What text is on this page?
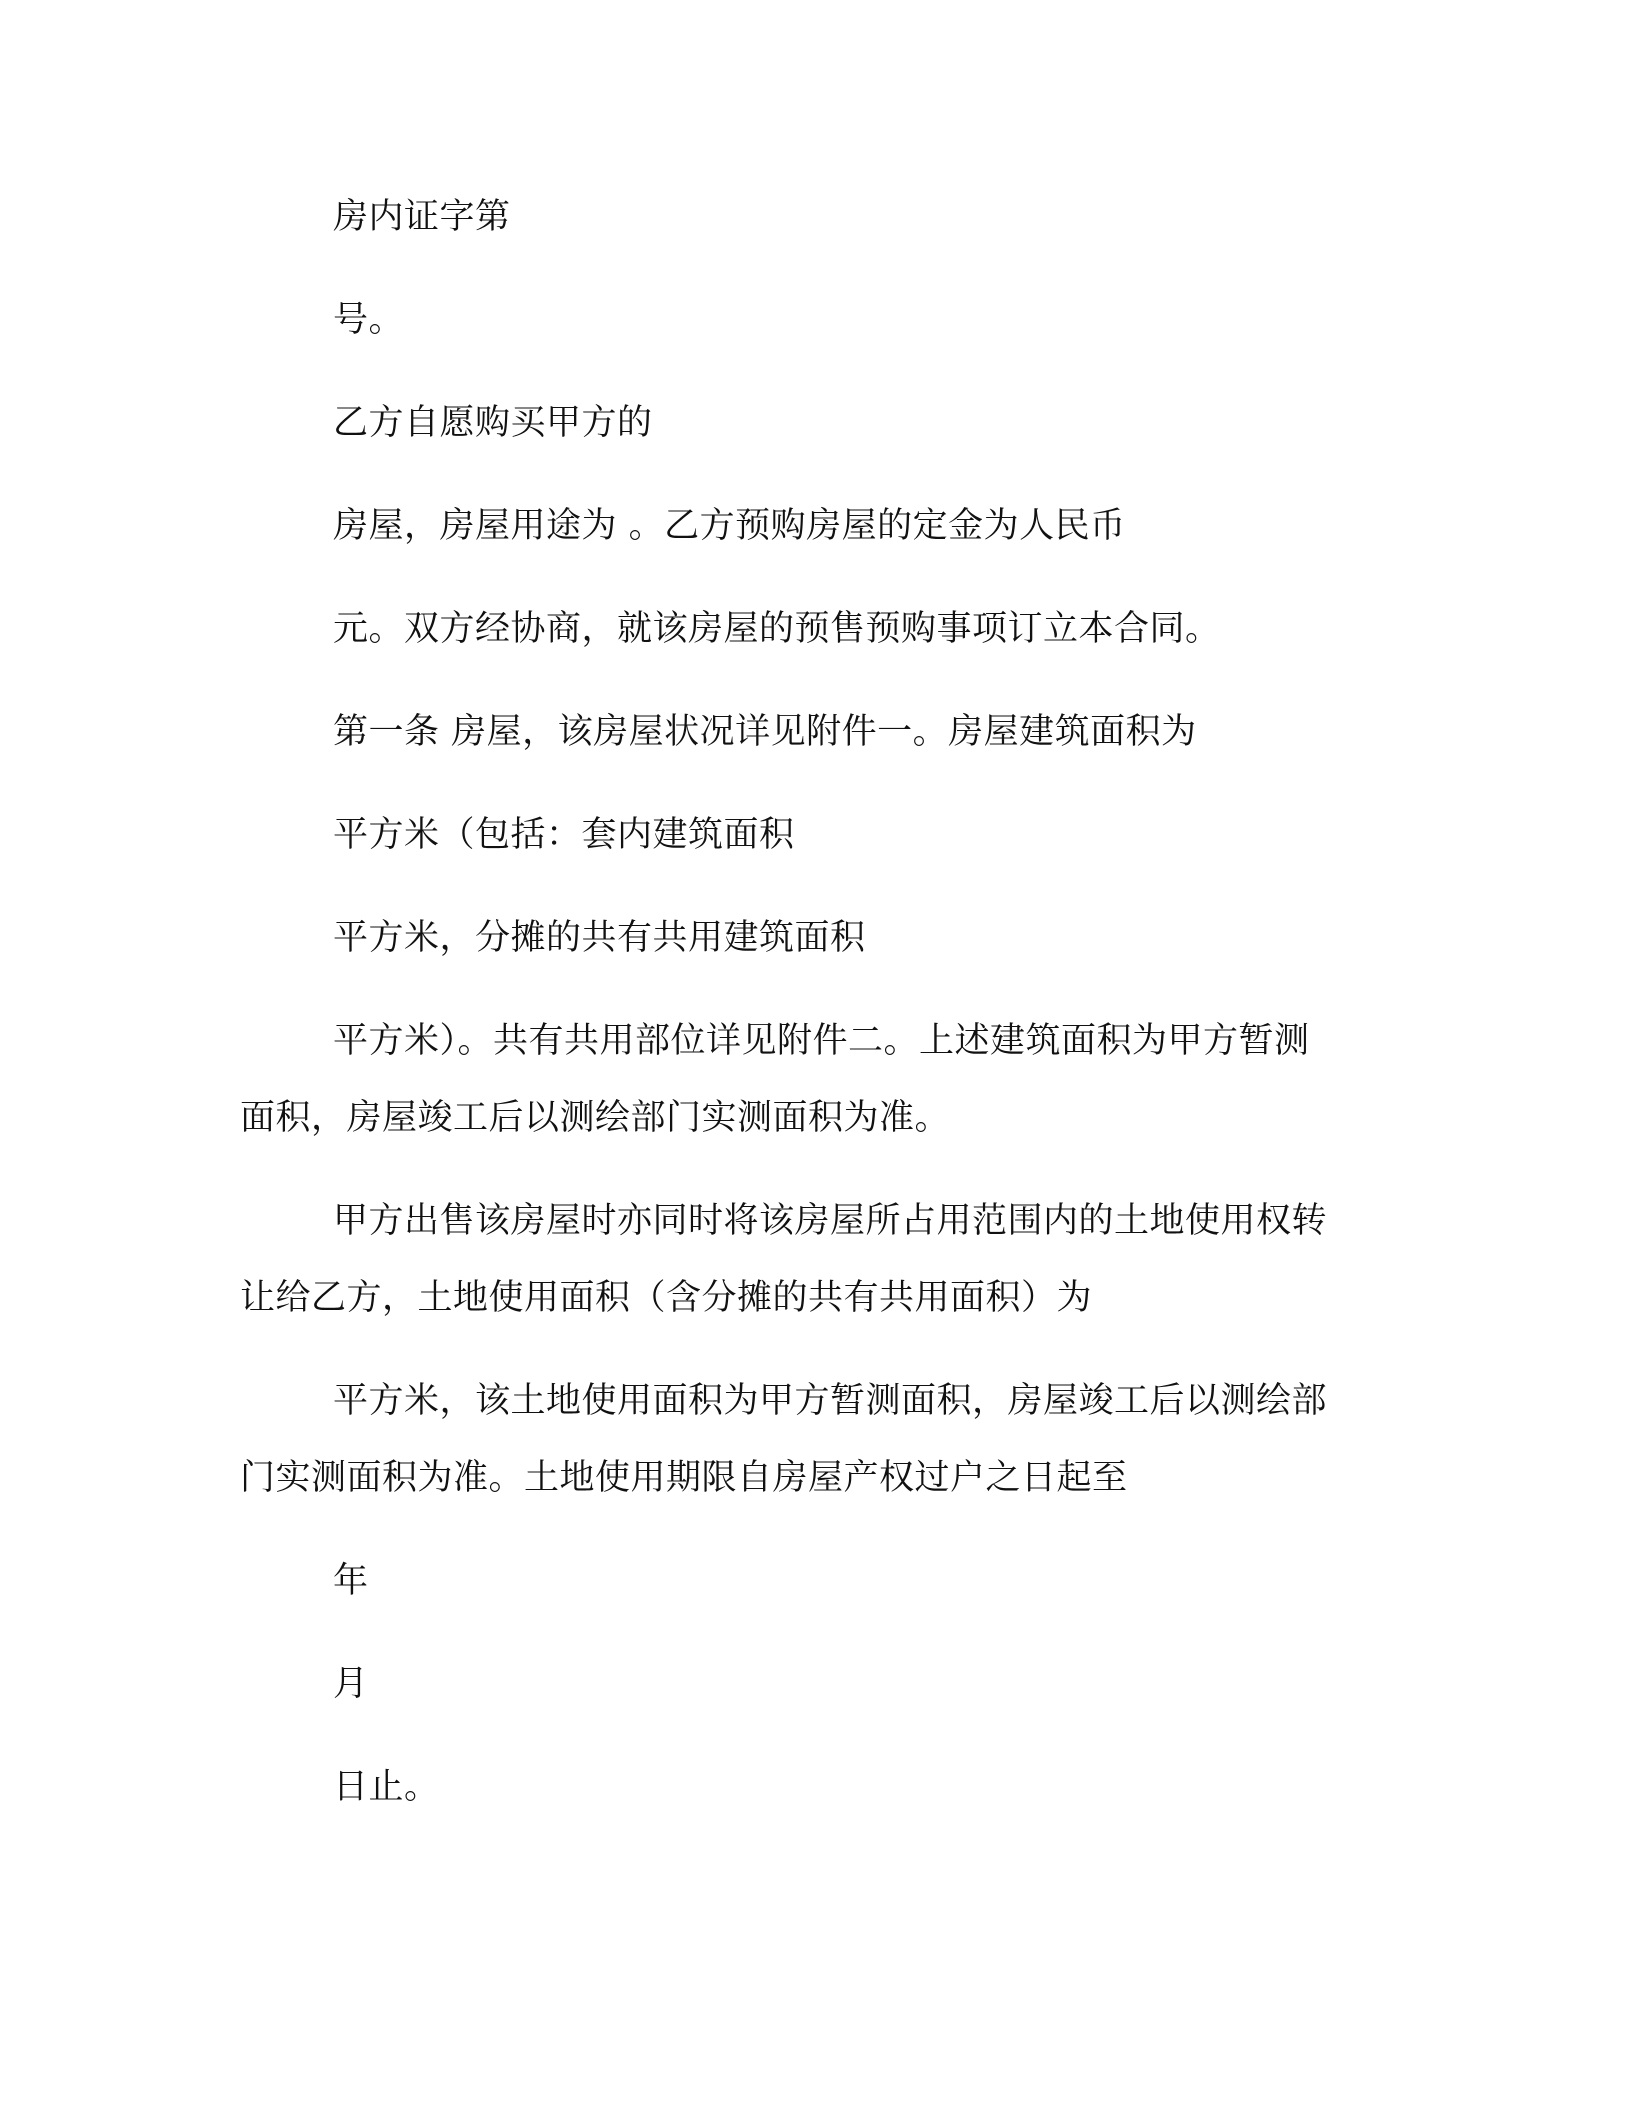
房内证字第
号。
乙方自愿购买甲方的
房屋，房屋用途为 。乙方预购房屋的定金为人民币
元。双方经协商，就该房屋的预售预购事项订立本合同。
第一条 房屋，该房屋状况详见附件一。房屋建筑面积为
平方米（包括：套内建筑面积
平方米，分摊的共有共用建筑面积
平方米）。共有共用部位详见附件二。上述建筑面积为甲方暂测
面积，房屋竣工后以测绘部门实测面积为准。
甲方出售该房屋时亦同时将该房屋所占用范围内的土地使用权转
让给乙方，土地使用面积（含分摊的共有共用面积）为
平方米，该土地使用面积为甲方暂测面积，房屋竣工后以测绘部
门实测面积为准。土地使用期限自房屋产权过户之日起至
年
月
日止。
